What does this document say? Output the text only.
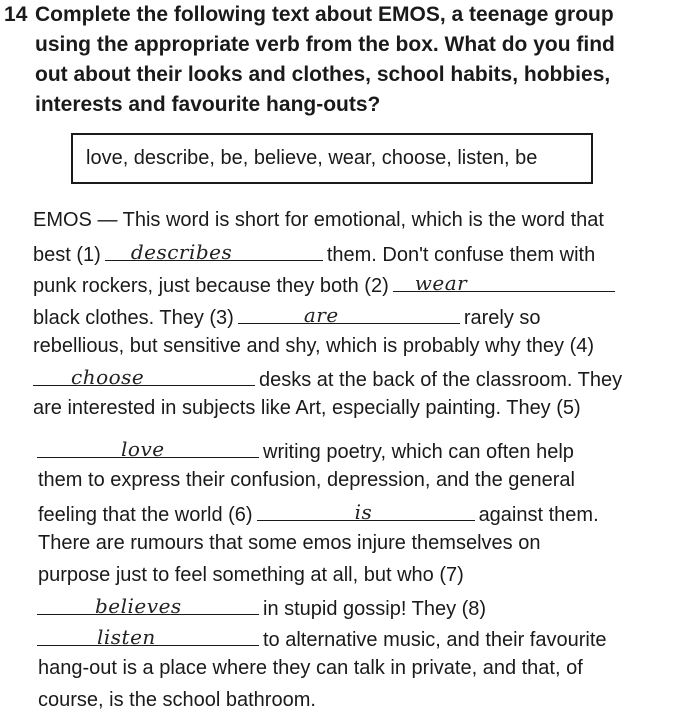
14 Complete the following text about EMOS, a teenage group
using the appropriate verb from the box. What do you find
out about their looks and clothes, school habits, hobbies,
interests and favourite hang-outs?
love, describe, be, believe, wear, choose, listen, be
EMOS — This word is short for emotional, which is the word that
best (1) describes	them. Don't confuse them with
punk rockers, just because they both (2) wear
black clothes. They (3)	are	rarely so
rebellious, but sensitive and shy, which is probably why they (4)
choose	desks at the back of the classroom. They
are interested in subjects like Art, especially painting. They (5)
love	writing poetry, which can often help
them to express their confusion, depression, and the general
feeling that the world (6)	is	against them.
There are rumours that some emos injure themselves on
purpose just to feel something at all, but who (7)
believes	in stupid gossip! They (8)
listen	to alternative music, and their favourite
hang-out is a place where they can talk in private, and that, of
course, is the school bathroom.
